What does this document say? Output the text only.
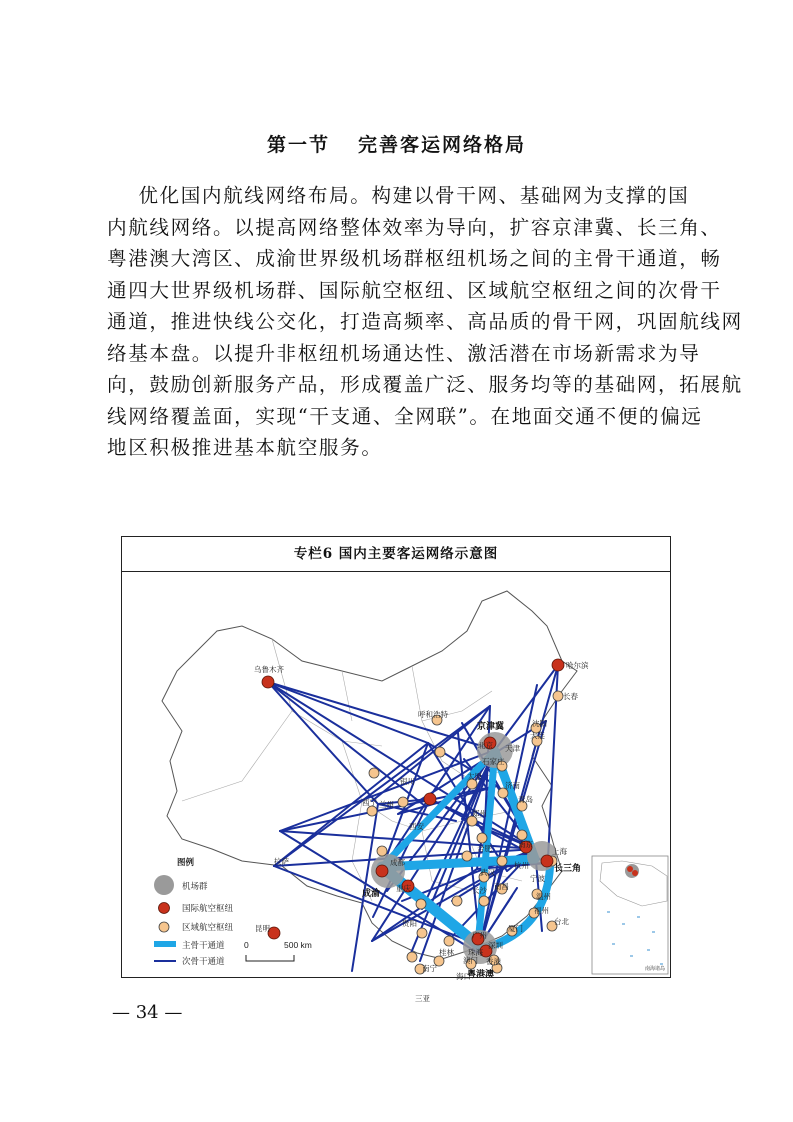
第一节 完善客运网络格局
优化国内航线网络布局。构建以骨干网、基础网为支撑的国
内航线网络。以提高网络整体效率为导向，扩容京津冀、长三角、
粤港澳大湾区、成渝世界级机场群枢纽机场之间的主骨干通道，畅
通四大世界级机场群、国际航空枢纽、区域航空枢纽之间的次骨干
通道，推进快线公交化，打造高频率、高品质的骨干网，巩固航线网
络基本盘。以提升非枢纽机场通达性、激活潜在市场新需求为导
向，鼓励创新服务产品，形成覆盖广泛、服务均等的基础网，拓展航
线网络覆盖面，实现“干支通、全网联”。在地面交通不便的偏远
地区积极推进基本航空服务。
专栏6 国内主要客运网络示意图
乌鲁木齐	哈尔滨
长春
呼和浩特
沈阳
大连
北京 天津
石家庄
银川
太原
济南
青岛
西宁 兰州
西安
郑州
合肥	南京
上海
杭州
宁波
成都
重庆
武汉
长沙 南昌
温州
福州
厦门
台北
拉萨
贵阳
昆明
桂林
广州
深圳
香港
澳门
珠海
南宁
海口
三亚
京津冀
长三角
成渝
粤港澳	南海诸岛
图例
机场群
国际航空枢纽
区域航空枢纽
主骨干通道
次骨干通道
0	500 km
— 34 —
